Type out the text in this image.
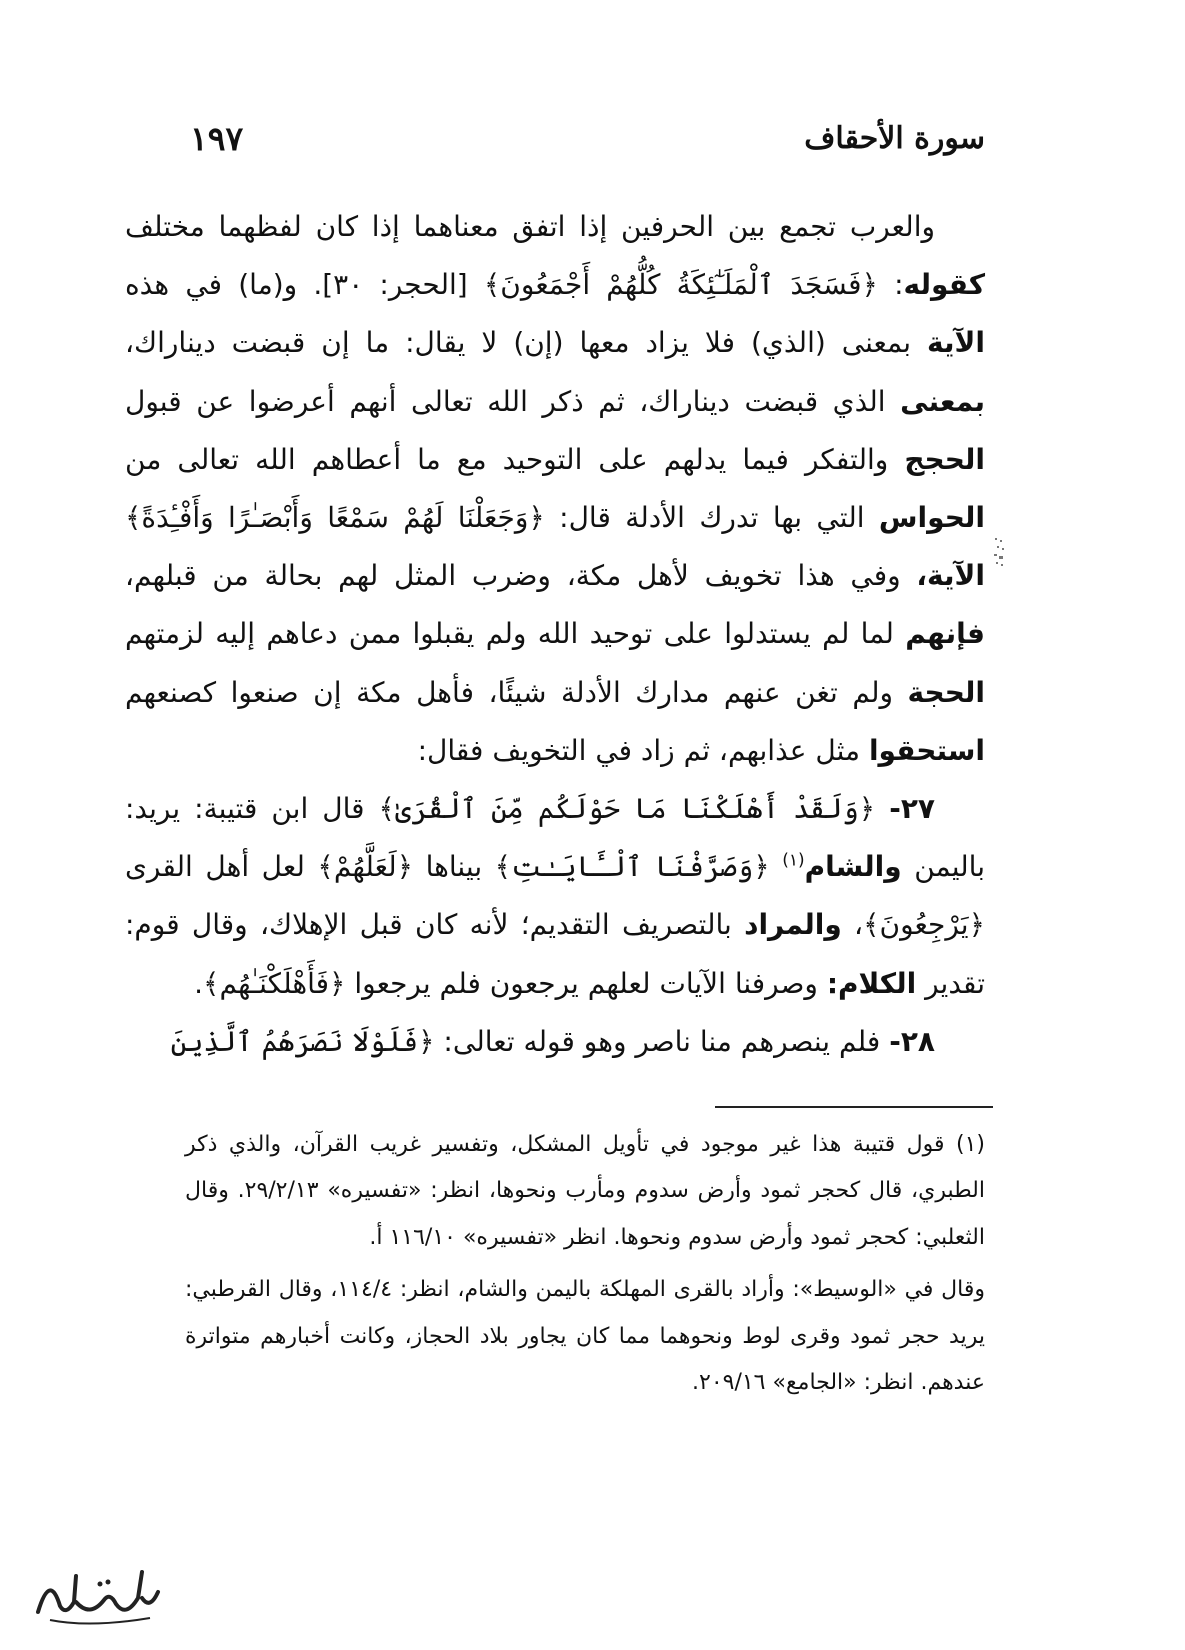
سورة الأحقاف
١٩٧

والعرب تجمع بين الحرفين إذا اتفق معناهما إذا كان لفظهما مختلف كقوله: ﴿فَسَجَدَ ٱلْمَلَـٰٓئِكَةُ كُلُّهُمْ أَجْمَعُونَ﴾ [الحجر: ٣٠]. و(ما) في هذه الآية بمعنى (الذي) فلا يزاد معها (إن) لا يقال: ما إن قبضت ديناراك، بمعنى الذي قبضت ديناراك، ثم ذكر الله تعالى أنهم أعرضوا عن قبول الحجج والتفكر فيما يدلهم على التوحيد مع ما أعطاهم الله تعالى من الحواس التي بها تدرك الأدلة قال: ﴿وَجَعَلْنَا لَهُمْ سَمْعًا وَأَبْصَـٰرًا وَأَفْـِٔدَةً﴾ الآية، وفي هذا تخويف لأهل مكة، وضرب المثل لهم بحالة من قبلهم، فإنهم لما لم يستدلوا على توحيد الله ولم يقبلوا ممن دعاهم إليه لزمتهم الحجة ولم تغن عنهم مدارك الأدلة شيئًا، فأهل مكة إن صنعوا كصنعهم استحقوا مثل عذابهم، ثم زاد في التخويف فقال:

٢٧- ﴿وَلَقَدْ أَهْلَكْنَا مَا حَوْلَكُم مِّنَ ٱلْقُرَىٰ﴾ قال ابن قتيبة: يريد: باليمن والشام$^{(١)}$ ﴿وَصَرَّفْنَا ٱلْـَٔايَـٰتِ﴾ بيناها ﴿لَعَلَّهُمْ﴾ لعل أهل القرى ﴿يَرْجِعُونَ﴾، والمراد بالتصريف التقديم؛ لأنه كان قبل الإهلاك، وقال قوم: تقدير الكلام: وصرفنا الآيات لعلهم يرجعون فلم يرجعوا ﴿فَأَهْلَكْنَـٰهُم﴾.

٢٨- فلم ينصرهم منا ناصر وهو قوله تعالى: ﴿فَلَوْلَا نَصَرَهُمُ ٱلَّذِينَ

(١) قول قتيبة هذا غير موجود في تأويل المشكل، وتفسير غريب القرآن، والذي ذكر الطبري، قال كحجر ثمود وأرض سدوم ومأرب ونحوها، انظر: «تفسيره» ٢٩/٢/١٣. وقال الثعلبي: كحجر ثمود وأرض سدوم ونحوها. انظر «تفسيره» ١١٦/١٠ أ.

وقال في «الوسيط»: وأراد بالقرى المهلكة باليمن والشام، انظر: ١١٤/٤، وقال القرطبي: يريد حجر ثمود وقرى لوط ونحوهما مما كان يجاور بلاد الحجاز، وكانت أخبارهم متواترة عندهم. انظر: «الجامع» ٢٠٩/١٦.
